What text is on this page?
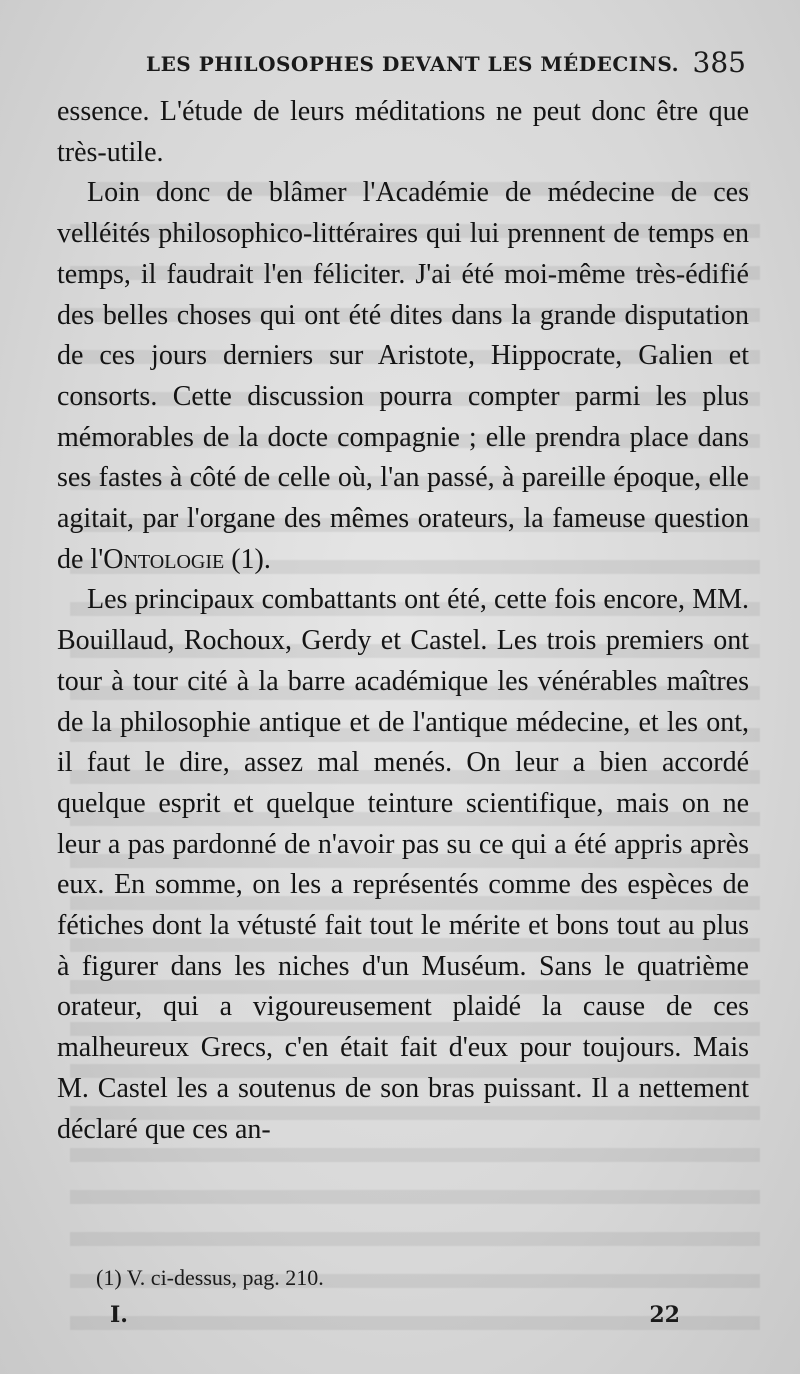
LES PHILOSOPHES DEVANT LES MÉDECINS. 385

essence. L'étude de leurs méditations ne peut donc être que très-utile.

Loin donc de blâmer l'Académie de médecine de ces velléités philosophico-littéraires qui lui prennent de temps en temps, il faudrait l'en féliciter. J'ai été moi-même très-édifié des belles choses qui ont été dites dans la grande disputation de ces jours derniers sur Aristote, Hippocrate, Galien et consorts. Cette discussion pourra compter parmi les plus mémorables de la docte compagnie ; elle prendra place dans ses fastes à côté de celle où, l'an passé, à pareille époque, elle agitait, par l'organe des mêmes orateurs, la fameuse question de l'Ontologie (1).

Les principaux combattants ont été, cette fois encore, MM. Bouillaud, Rochoux, Gerdy et Castel. Les trois premiers ont tour à tour cité à la barre académique les vénérables maîtres de la philosophie antique et de l'antique médecine, et les ont, il faut le dire, assez mal menés. On leur a bien accordé quelque esprit et quelque teinture scientifique, mais on ne leur a pas pardonné de n'avoir pas su ce qui a été appris après eux. En somme, on les a représentés comme des espèces de fétiches dont la vétusté fait tout le mérite et bons tout au plus à figurer dans les niches d'un Muséum. Sans le quatrième orateur, qui a vigoureusement plaidé la cause de ces malheureux Grecs, c'en était fait d'eux pour toujours. Mais M. Castel les a soutenus de son bras puissant. Il a nettement déclaré que ces an-

(1) V. ci-dessus, pag. 210.
I.	22
